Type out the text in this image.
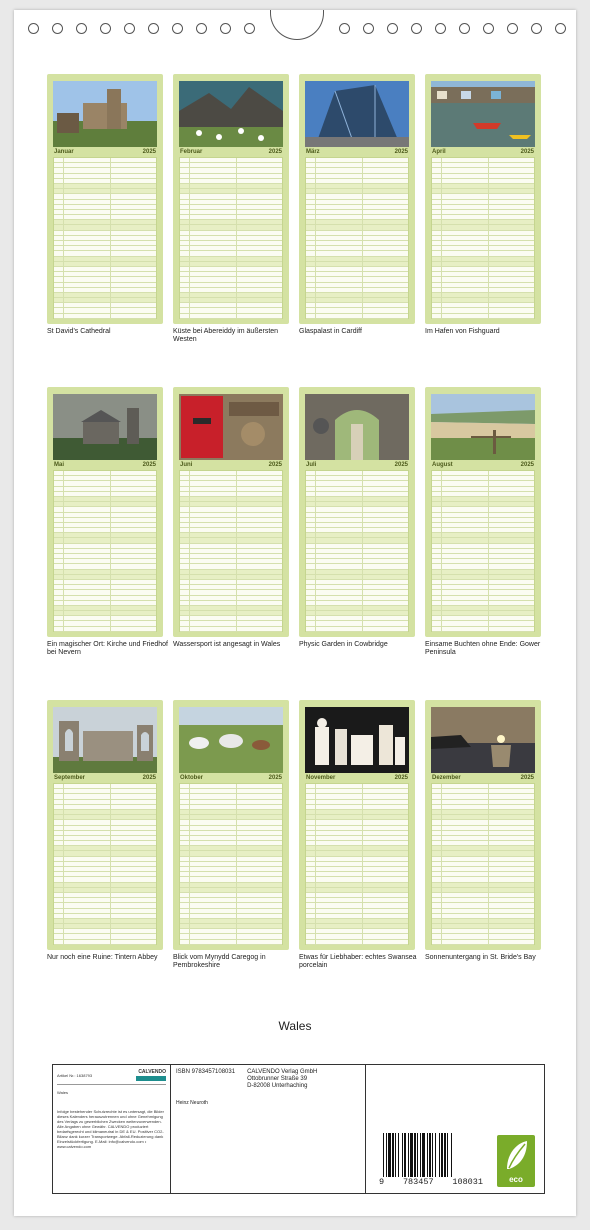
Januar	2025
St David's Cathedral
Februar	2025
Küste bei Abereiddy im äußersten Westen
März	2025
Glaspalast in Cardiff
April	2025
Im Hafen von Fishguard
Mai	2025
Ein magischer Ort: Kirche und Friedhof bei Nevern
Juni	2025
Wassersport ist angesagt in Wales
Juli	2025
Physic Garden in Cowbridge
August	2025
Einsame Buchten ohne Ende: Gower Peninsula
September	2025
Nur noch eine Ruine: Tintern Abbey
Oktober	2025
Blick vom Mynydd Caregog in Pembrokeshire
November	2025
Etwas für Liebhaber: echtes Swansea porcelain
Dezember	2025
Sonnenuntergang in St. Bride's Bay
Wales
Artikel Nr.: 1638793	CALVENDO
Wales
Infolge bestehender Schutzrechte ist es untersagt, die Bilder dieses Kalenders herauszutrennen und ohne Genehmigung des Verlags zu gewerblichen Zwecken weiterzuverwenden. Alle Angaben ohne Gewähr. CALVENDO produziert bedarfsgerecht und klimaneutral in DE & EU. Positiver CO2-Bilanz dank kurzer Transportwege. Abfall-Reduzierung dank Einzelstückfertigung. E-Mail: info@calvendo.com • www.calvendo.com
ISBN 9783457108031 CALVENDO Verlag GmbH
Ottobrunner Straße 39
D-82008 Unterhaching
Heinz Neuroth
9 783457 108031	eco
